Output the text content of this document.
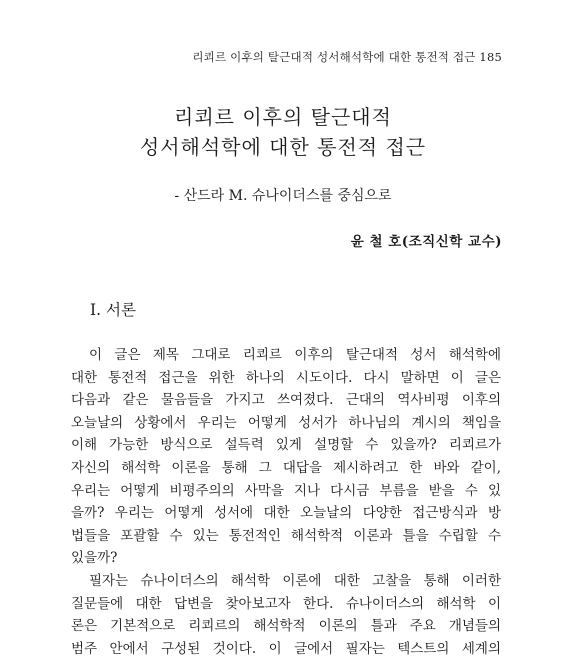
리쾨르 이후의 탈근대적 성서해석학에 대한 통전적 접근 185
리쾨르 이후의 탈근대적
성서해석학에 대한 통전적 접근
- 산드라 M. 슈나이더스를 중심으로
윤 철 호(조직신학 교수)
I. 서론
이 글은 제목 그대로 리쾨르 이후의 탈근대적 성서 해석학에
대한 통전적 접근을 위한 하나의 시도이다. 다시 말하면 이 글은
다음과 같은 물음들을 가지고 쓰여졌다. 근대의 역사비평 이후의
오늘날의 상황에서 우리는 어떻게 성서가 하나님의 계시의 책임을
이해 가능한 방식으로 설득력 있게 설명할 수 있을까? 리쾨르가
자신의 해석학 이론을 통해 그 대답을 제시하려고 한 바와 같이,
우리는 어떻게 비평주의의 사막을 지나 다시금 부름을 받을 수 있
을까? 우리는 어떻게 성서에 대한 오늘날의 다양한 접근방식과 방
법들을 포괄할 수 있는 통전적인 해석학적 이론과 틀을 수립할 수
있을까?
필자는 슈나이더스의 해석학 이론에 대한 고찰을 통해 이러한
질문들에 대한 답변을 찾아보고자 한다. 슈나이더스의 해석학 이
론은 기본적으로 리쾨르의 해석학적 이론의 틀과 주요 개념들의
범주 안에서 구성된 것이다. 이 글에서 필자는 텍스트의 세계의
